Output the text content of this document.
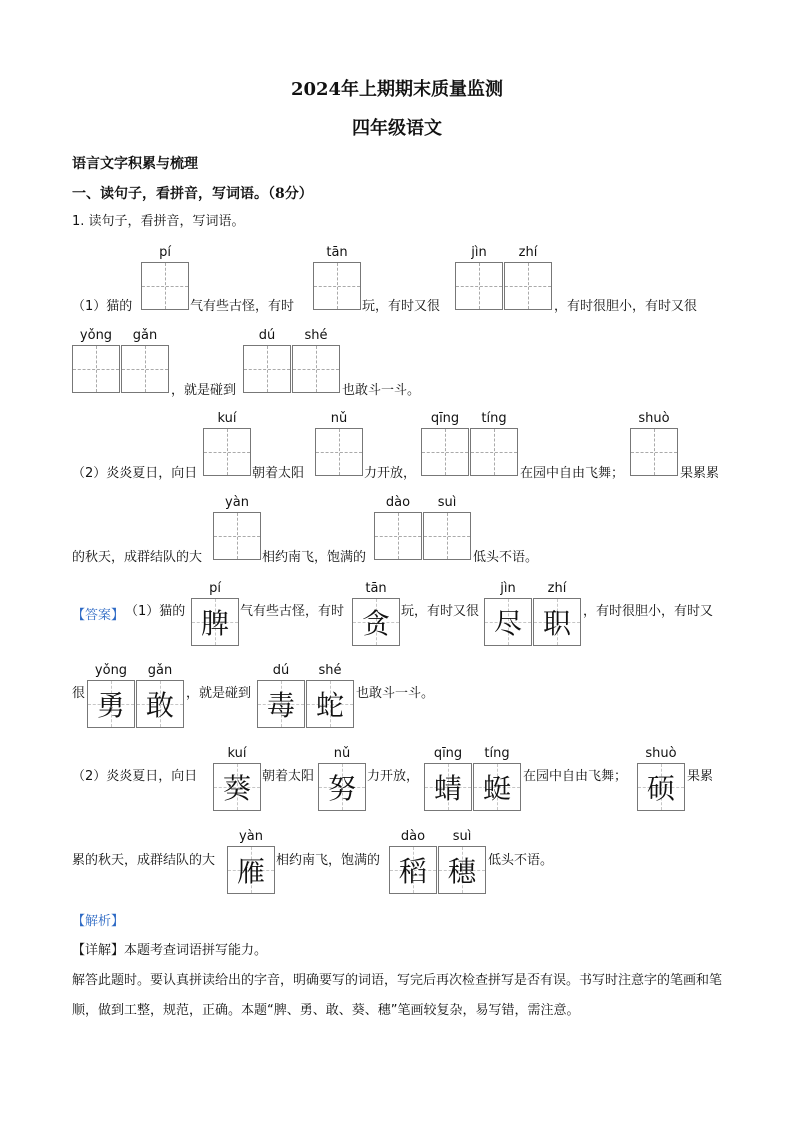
2024年上期期末质量监测
四年级语文
语言文字积累与梳理
一、读句子，看拼音，写词语。（8分）
1. 读句子，看拼音，写词语。
pí	tān	jìn	zhí
（1）猫的	气有些古怪，有时	玩，有时又很	，有时很胆小，有时又很
yǒng	gǎn	dú	shé
，就是碰到	也敢斗一斗。
kuí	nǔ	qīng	tíng	shuò
（2）炎炎夏日，向日	朝着太阳	力开放，	在园中自由飞舞；	果累累
yàn	dào	suì
的秋天，成群结队的大	相约南飞，饱满的	低头不语。
【答案】
pí
脾
tān
贪
jìn
尽
zhí
职
（1）猫的	气有些古怪，有时	玩，有时又很	，有时很胆小，有时又
yǒng
勇
gǎn
敢
dú
毒
shé
蛇
很	，就是碰到	也敢斗一斗。
kuí
葵
nǔ
努
qīng
蜻
tíng
蜓
shuò
硕
（2）炎炎夏日，向日	朝着太阳	力开放，	在园中自由飞舞；	果累
yàn
雁
dào
稻
suì
穗
累的秋天，成群结队的大	相约南飞，饱满的	低头不语。
【解析】
【详解】本题考查词语拼写能力。
解答此题时。要认真拼读给出的字音，明确要写的词语，写完后再次检查拼写是否有误。书写时注意字的笔画和笔顺，做到工整，规范，正确。本题“脾、勇、敢、葵、穗”笔画较复杂，易写错，需注意。
